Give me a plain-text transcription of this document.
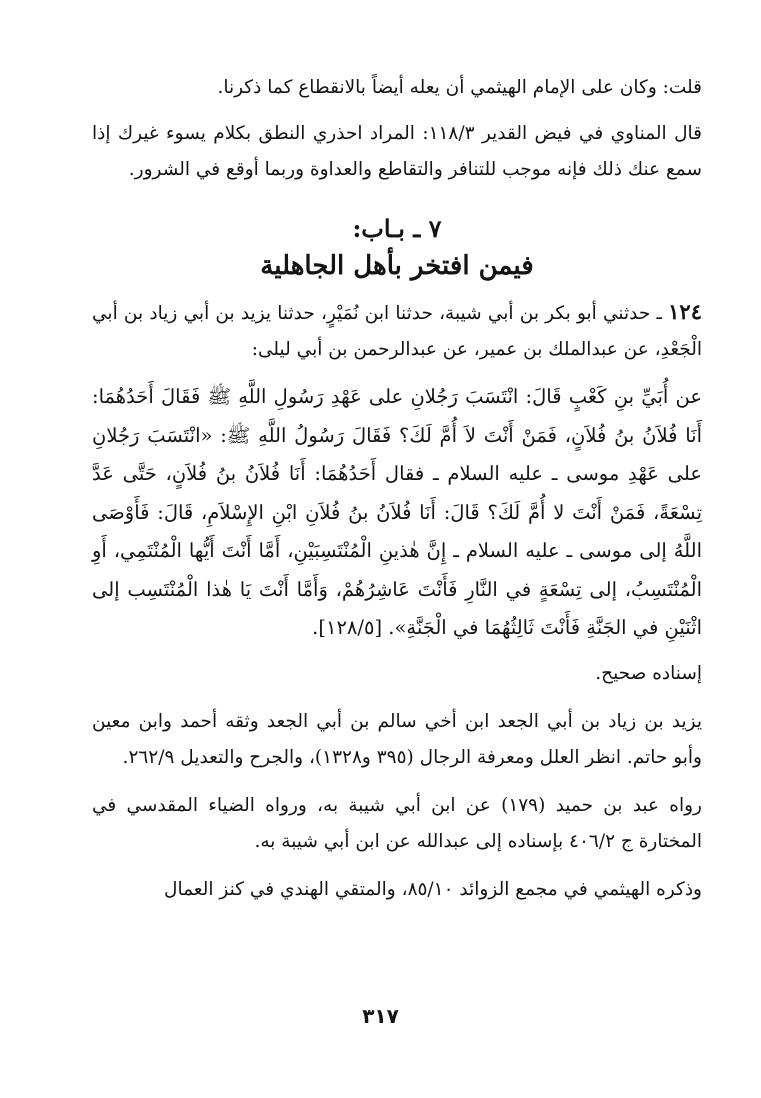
قلت: وكان على الإمام الهيثمي أن يعله أيضاً بالانقطاع كما ذكرنا.

قال المناوي في فيض القدير ١١٨/٣: المراد احذري النطق بكلام يسوء غيرك إذا سمع عنك ذلك فإنه موجب للتنافر والتقاطع والعداوة وربما أوقع في الشرور.

٧ ـ بـاب:
فيمن افتخر بأهل الجاهلية

١٢٤ ـ حدثني أبو بكر بن أبي شيبة، حدثنا ابن نُمَيْرٍ، حدثنا يزيد بن أبي زياد بن أبي الْجَعْدِ، عن عبدالملك بن عمير، عن عبدالرحمن بن أبي ليلى:

عن أُبَيِّ بنِ كَعْبٍ قَالَ: انْتَسَبَ رَجُلانِ على عَهْدِ رَسُولِ اللَّهِ ﷺ فَقَالَ أَحَدُهُمَا: أَنَا فُلاَنُ بنُ فُلاَنٍ، فَمَنْ أَنْتَ لاَ أُمَّ لَكَ؟ فَقَالَ رَسُولُ اللَّهِ ﷺ: «انْتَسَبَ رَجُلانِ على عَهْدِ موسى ـ عليه السلام ـ فقال أَحَدُهُمَا: أَنَا فُلاَنُ بنُ فُلاَنٍ، حَتَّى عَدَّ تِسْعَةً، فَمَنْ أَنْتَ لا أُمَّ لَكَ؟ قَالَ: أَنَا فُلاَنُ بنُ فُلاَنِ ابْنِ الإِسْلاَمِ، قَالَ: فَأَوْصَى اللَّهُ إلى موسى ـ عليه السلام ـ إِنَّ هٰذينِ الْمُنْتَسِبَيْنِ، أَمَّا أَنْتَ أَيُّها الْمُنْتَمِي، أَوِ الْمُنْتَسِبُ، إلى تِسْعَةٍ في النَّارِ فَأَنْتَ عَاشِرُهُمْ، وَأَمَّا أَنْتَ يَا هٰذا الْمُنْتَسِب إلى اثْنَيْنِ في الجَنَّةِ فَأَنْتَ ثَالِثُهُمَا في الْجَنَّةِ». [١٢٨/٥].

إسناده صحيح.

يزيد بن زياد بن أبي الجعد ابن أخي سالم بن أبي الجعد وثقه أحمد وابن معين وأبو حاتم. انظر العلل ومعرفة الرجال (٣٩٥ و١٣٢٨)، والجرح والتعديل ٢٦٢/٩.

رواه عبد بن حميد (١٧٩) عن ابن أبي شيبة به، ورواه الضياء المقدسي في المختارة ج ٤٠٦/٢ بإسناده إلى عبدالله عن ابن أبي شيبة به.

وذكره الهيثمي في مجمع الزوائد ٨٥/١٠، والمتقي الهندي في كنز العمال

٣١٧
